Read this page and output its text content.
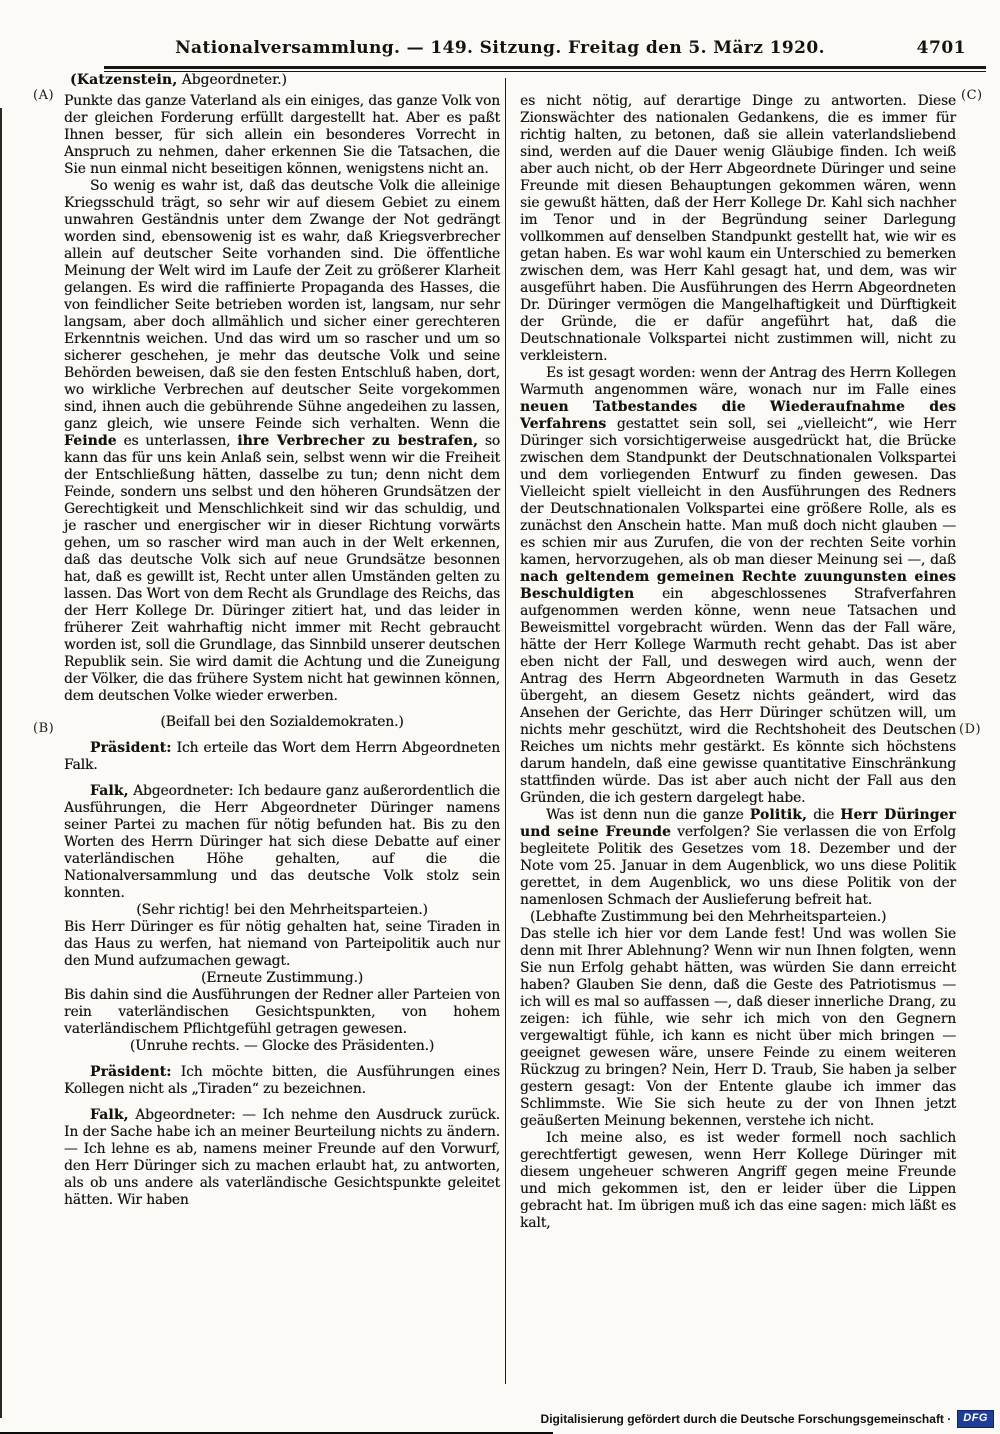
Nationalversammlung. — 149. Sitzung. Freitag den 5. März 1920.	4701
(A)
(B)
(C)
(D)

(Katzenstein, Abgeordneter.)

Punkte das ganze Vaterland als ein einiges, das ganze Volk von der gleichen Forderung erfüllt dargestellt hat. Aber es paßt Ihnen besser, für sich allein ein besonderes Vorrecht in Anspruch zu nehmen, daher erkennen Sie die Tatsachen, die Sie nun einmal nicht beseitigen können, wenigstens nicht an.

So wenig es wahr ist, daß das deutsche Volk die alleinige Kriegsschuld trägt, so sehr wir auf diesem Gebiet zu einem unwahren Geständnis unter dem Zwange der Not gedrängt worden sind, ebensowenig ist es wahr, daß Kriegsverbrecher allein auf deutscher Seite vorhanden sind. Die öffentliche Meinung der Welt wird im Laufe der Zeit zu größerer Klarheit gelangen. Es wird die raffinierte Propaganda des Hasses, die von feindlicher Seite betrieben worden ist, langsam, nur sehr langsam, aber doch allmählich und sicher einer gerechteren Erkenntnis weichen. Und das wird um so rascher und um so sicherer geschehen, je mehr das deutsche Volk und seine Behörden beweisen, daß sie den festen Entschluß haben, dort, wo wirkliche Verbrechen auf deutscher Seite vorgekommen sind, ihnen auch die gebührende Sühne angedeihen zu lassen, ganz gleich, wie unsere Feinde sich verhalten. Wenn die Feinde es unterlassen, ihre Verbrecher zu bestrafen, so kann das für uns kein Anlaß sein, selbst wenn wir die Freiheit der Entschließung hätten, dasselbe zu tun; denn nicht dem Feinde, sondern uns selbst und den höheren Grundsätzen der Gerechtigkeit und Menschlichkeit sind wir das schuldig, und je rascher und energischer wir in dieser Richtung vorwärts gehen, um so rascher wird man auch in der Welt erkennen, daß das deutsche Volk sich auf neue Grundsätze besonnen hat, daß es gewillt ist, Recht unter allen Umständen gelten zu lassen. Das Wort von dem Recht als Grundlage des Reichs, das der Herr Kollege Dr. Düringer zitiert hat, und das leider in früherer Zeit wahrhaftig nicht immer mit Recht gebraucht worden ist, soll die Grundlage, das Sinnbild unserer deutschen Republik sein. Sie wird damit die Achtung und die Zuneigung der Völker, die das frühere System nicht hat gewinnen können, dem deutschen Volke wieder erwerben.

(Beifall bei den Sozialdemokraten.)

Präsident: Ich erteile das Wort dem Herrn Abgeordneten Falk.

Falk, Abgeordneter: Ich bedaure ganz außerordentlich die Ausführungen, die Herr Abgeordneter Düringer namens seiner Partei zu machen für nötig befunden hat. Bis zu den Worten des Herrn Düringer hat sich diese Debatte auf einer vaterländischen Höhe gehalten, auf die die Nationalversammlung und das deutsche Volk stolz sein konnten.

(Sehr richtig! bei den Mehrheitsparteien.)

Bis Herr Düringer es für nötig gehalten hat, seine Tiraden in das Haus zu werfen, hat niemand von Parteipolitik auch nur den Mund aufzumachen gewagt.

(Erneute Zustimmung.)

Bis dahin sind die Ausführungen der Redner aller Parteien von rein vaterländischen Gesichtspunkten, von hohem vaterländischem Pflichtgefühl getragen gewesen.

(Unruhe rechts. — Glocke des Präsidenten.)

Präsident: Ich möchte bitten, die Ausführungen eines Kollegen nicht als „Tiraden“ zu bezeichnen.

Falk, Abgeordneter: — Ich nehme den Ausdruck zurück. In der Sache habe ich an meiner Beurteilung nichts zu ändern. — Ich lehne es ab, namens meiner Freunde auf den Vorwurf, den Herr Düringer sich zu machen erlaubt hat, zu antworten, als ob uns andere als vaterländische Gesichtspunkte geleitet hätten. Wir haben

es nicht nötig, auf derartige Dinge zu antworten. Diese Zionswächter des nationalen Gedankens, die es immer für richtig halten, zu betonen, daß sie allein vaterlandsliebend sind, werden auf die Dauer wenig Gläubige finden. Ich weiß aber auch nicht, ob der Herr Abgeordnete Düringer und seine Freunde mit diesen Behauptungen gekommen wären, wenn sie gewußt hätten, daß der Herr Kollege Dr. Kahl sich nachher im Tenor und in der Begründung seiner Darlegung vollkommen auf denselben Standpunkt gestellt hat, wie wir es getan haben. Es war wohl kaum ein Unterschied zu bemerken zwischen dem, was Herr Kahl gesagt hat, und dem, was wir ausgeführt haben. Die Ausführungen des Herrn Abgeordneten Dr. Düringer vermögen die Mangelhaftigkeit und Dürftigkeit der Gründe, die er dafür angeführt hat, daß die Deutschnationale Volkspartei nicht zustimmen will, nicht zu verkleistern.

Es ist gesagt worden: wenn der Antrag des Herrn Kollegen Warmuth angenommen wäre, wonach nur im Falle eines neuen Tatbestandes die Wiederaufnahme des Verfahrens gestattet sein soll, sei „vielleicht“, wie Herr Düringer sich vorsichtigerweise ausgedrückt hat, die Brücke zwischen dem Standpunkt der Deutschnationalen Volkspartei und dem vorliegenden Entwurf zu finden gewesen. Das Vielleicht spielt vielleicht in den Ausführungen des Redners der Deutschnationalen Volkspartei eine größere Rolle, als es zunächst den Anschein hatte. Man muß doch nicht glauben — es schien mir aus Zurufen, die von der rechten Seite vorhin kamen, hervorzugehen, als ob man dieser Meinung sei —, daß nach geltendem gemeinen Rechte zuungunsten eines Beschuldigten ein abgeschlossenes Strafverfahren aufgenommen werden könne, wenn neue Tatsachen und Beweismittel vorgebracht würden. Wenn das der Fall wäre, hätte der Herr Kollege Warmuth recht gehabt. Das ist aber eben nicht der Fall, und deswegen wird auch, wenn der Antrag des Herrn Abgeordneten Warmuth in das Gesetz übergeht, an diesem Gesetz nichts geändert, wird das Ansehen der Gerichte, das Herr Düringer schützen will, um nichts mehr geschützt, wird die Rechtshoheit des Deutschen Reiches um nichts mehr gestärkt. Es könnte sich höchstens darum handeln, daß eine gewisse quantitative Einschränkung stattfinden würde. Das ist aber auch nicht der Fall aus den Gründen, die ich gestern dargelegt habe.

Was ist denn nun die ganze Politik, die Herr Düringer und seine Freunde verfolgen? Sie verlassen die von Erfolg begleitete Politik des Gesetzes vom 18. Dezember und der Note vom 25. Januar in dem Augenblick, wo uns diese Politik gerettet, in dem Augenblick, wo uns diese Politik von der namenlosen Schmach der Auslieferung befreit hat.

(Lebhafte Zustimmung bei den Mehrheitsparteien.)

Das stelle ich hier vor dem Lande fest! Und was wollen Sie denn mit Ihrer Ablehnung? Wenn wir nun Ihnen folgten, wenn Sie nun Erfolg gehabt hätten, was würden Sie dann erreicht haben? Glauben Sie denn, daß die Geste des Patriotismus — ich will es mal so auffassen —, daß dieser innerliche Drang, zu zeigen: ich fühle, wie sehr ich mich von den Gegnern vergewaltigt fühle, ich kann es nicht über mich bringen — geeignet gewesen wäre, unsere Feinde zu einem weiteren Rückzug zu bringen? Nein, Herr D. Traub, Sie haben ja selber gestern gesagt: Von der Entente glaube ich immer das Schlimmste. Wie Sie sich heute zu der von Ihnen jetzt geäußerten Meinung bekennen, verstehe ich nicht.

Ich meine also, es ist weder formell noch sachlich gerechtfertigt gewesen, wenn Herr Kollege Düringer mit diesem ungeheuer schweren Angriff gegen meine Freunde und mich gekommen ist, den er leider über die Lippen gebracht hat. Im übrigen muß ich das eine sagen: mich läßt es kalt,

Digitalisierung gefördert durch die Deutsche Forschungsgemeinschaft ·	DFG
